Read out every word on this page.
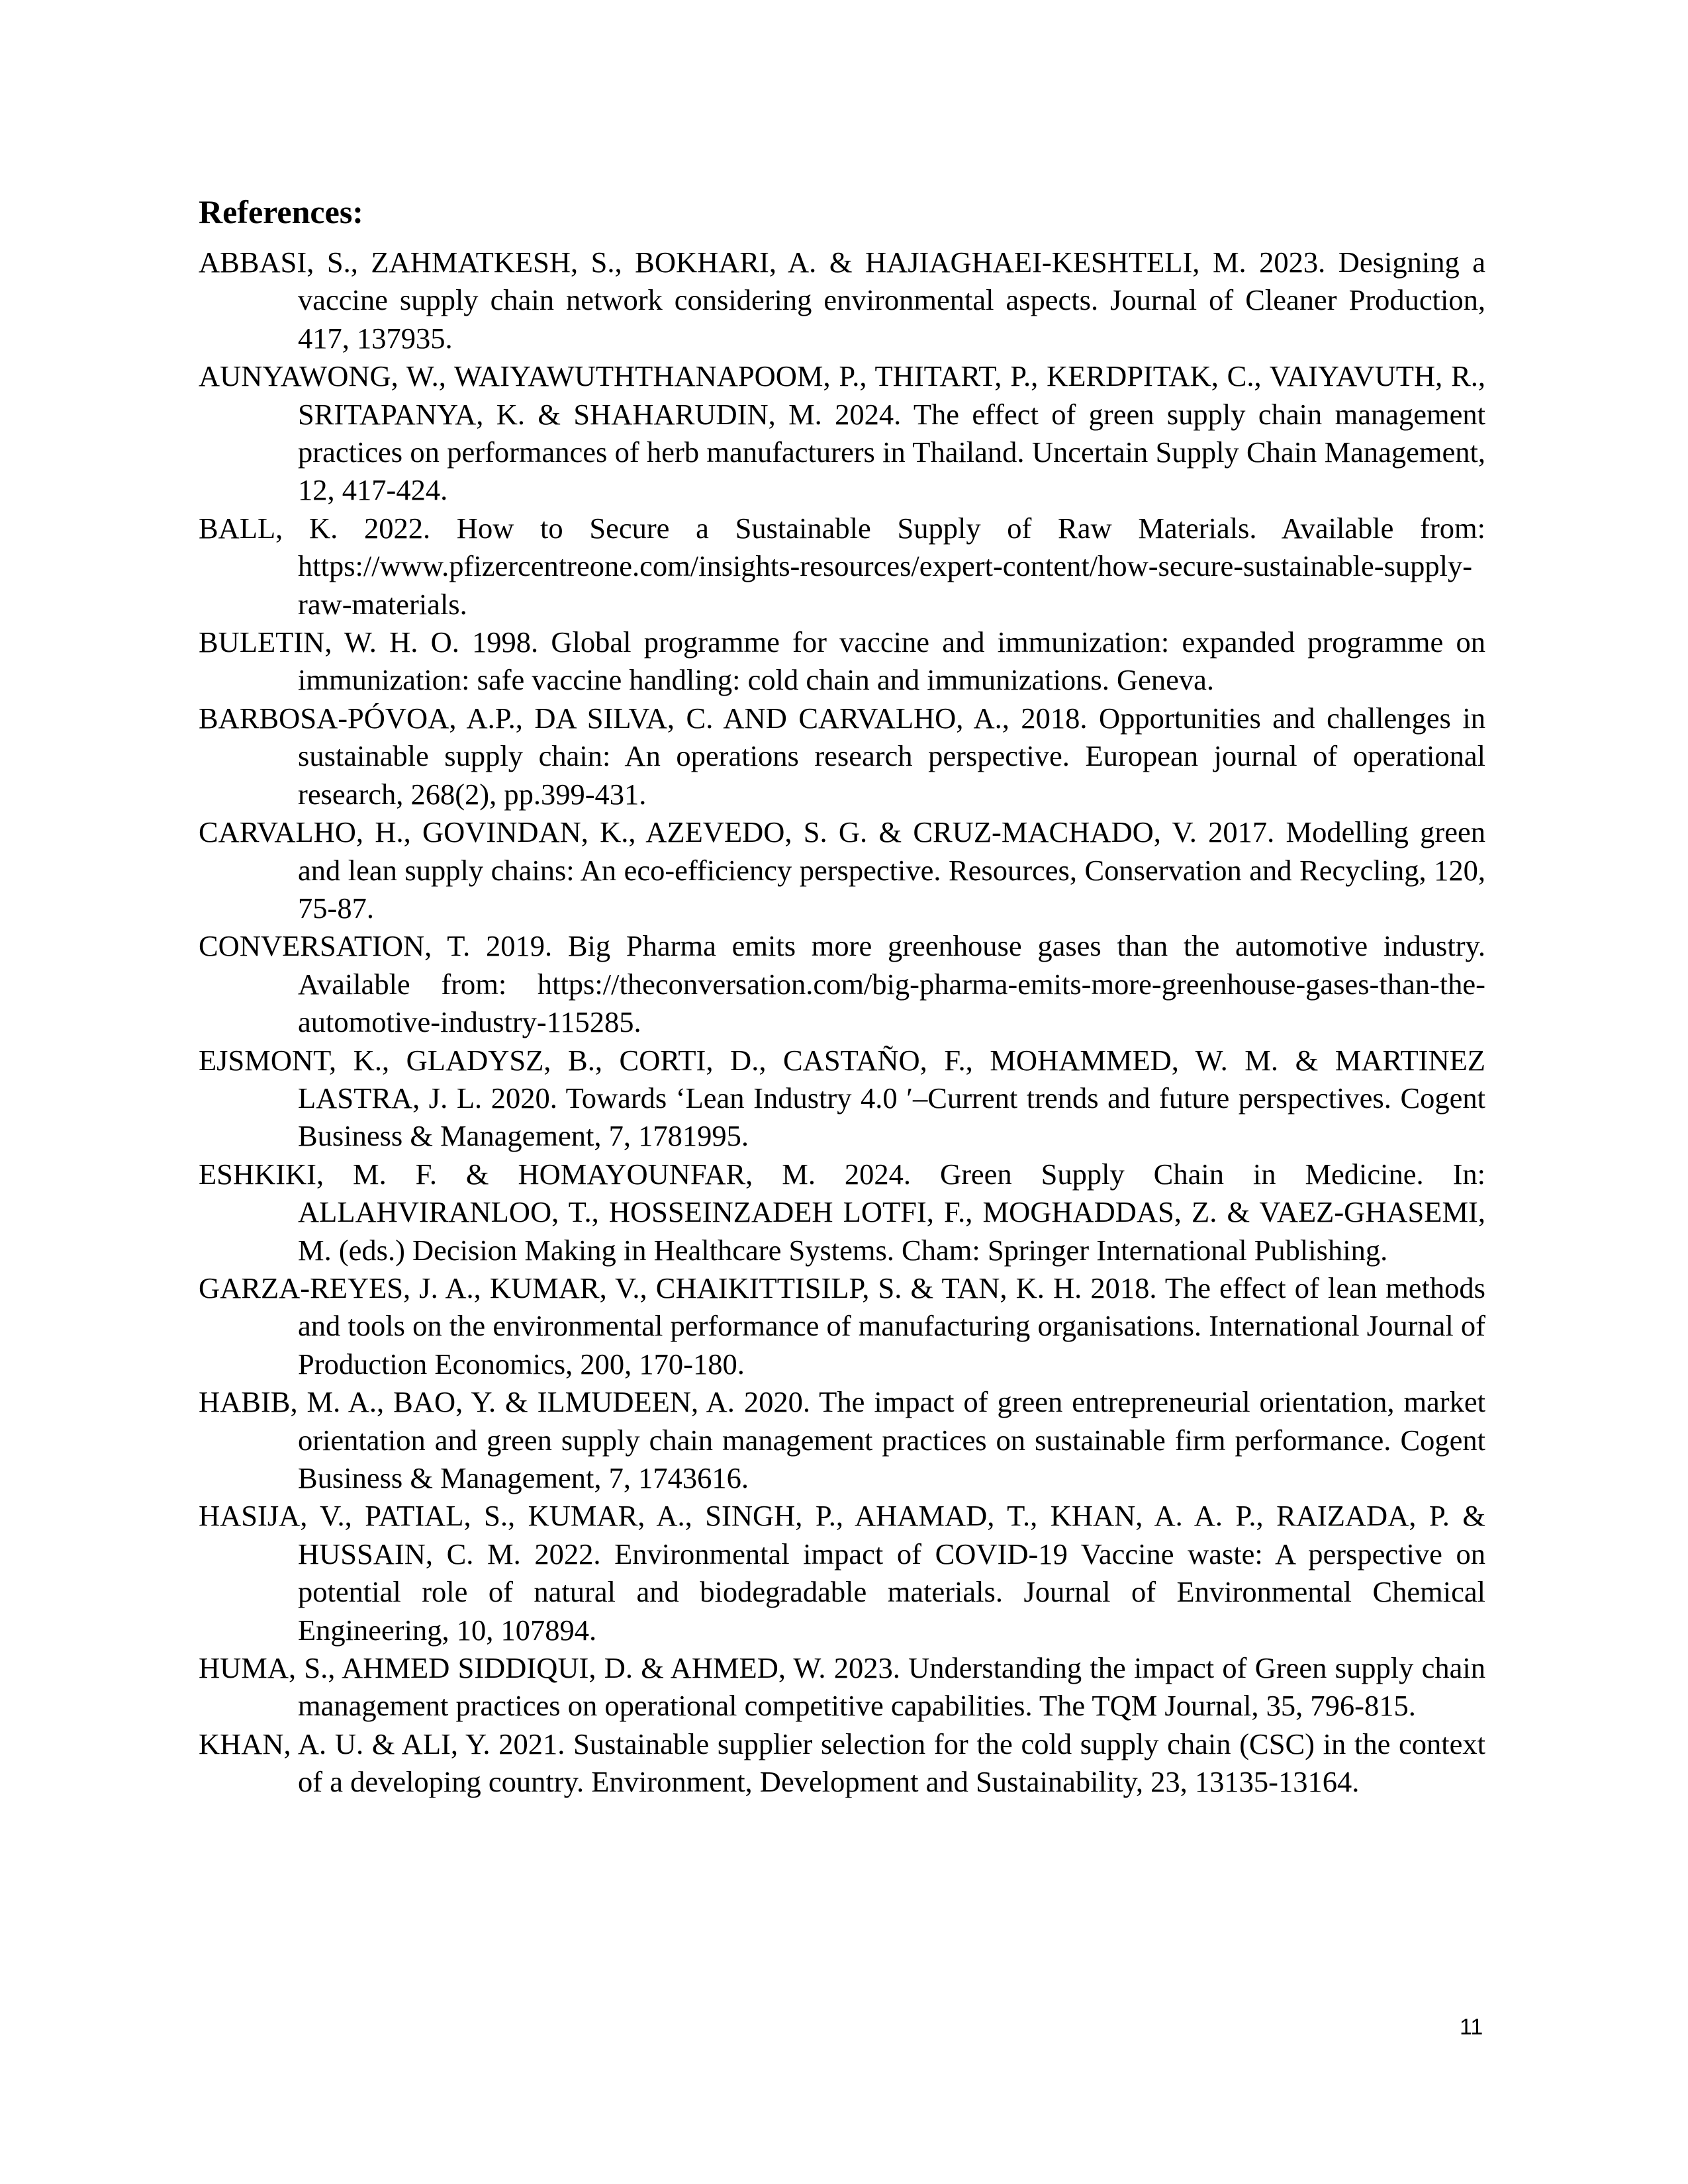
References:
ABBASI, S., ZAHMATKESH, S., BOKHARI, A. & HAJIAGHAEI-KESHTELI, M. 2023. Designing a vaccine supply chain network considering environmental aspects. Journal of Cleaner Production, 417, 137935.
AUNYAWONG, W., WAIYAWUTHTHANAPOOM, P., THITART, P., KERDPITAK, C., VAIYAVUTH, R., SRITAPANYA, K. & SHAHARUDIN, M. 2024. The effect of green supply chain management practices on performances of herb manufacturers in Thailand. Uncertain Supply Chain Management, 12, 417-424.
BALL, K. 2022. How to Secure a Sustainable Supply of Raw Materials. Available from: https://www.pfizercentreone.com/insights-resources/expert-content/how-secure-sustainable-supply-raw-materials.
BULETIN, W. H. O. 1998. Global programme for vaccine and immunization: expanded programme on immunization: safe vaccine handling: cold chain and immunizations. Geneva.
BARBOSA-PÓVOA, A.P., DA SILVA, C. AND CARVALHO, A., 2018. Opportunities and challenges in sustainable supply chain: An operations research perspective. European journal of operational research, 268(2), pp.399-431.
CARVALHO, H., GOVINDAN, K., AZEVEDO, S. G. & CRUZ-MACHADO, V. 2017. Modelling green and lean supply chains: An eco-efficiency perspective. Resources, Conservation and Recycling, 120, 75-87.
CONVERSATION, T. 2019. Big Pharma emits more greenhouse gases than the automotive industry. Available from: https://theconversation.com/big-pharma-emits-more-greenhouse-gases-than-the-automotive-industry-115285.
EJSMONT, K., GLADYSZ, B., CORTI, D., CASTAÑO, F., MOHAMMED, W. M. & MARTINEZ LASTRA, J. L. 2020. Towards ‘Lean Industry 4.0 ′–Current trends and future perspectives. Cogent Business & Management, 7, 1781995.
ESHKIKI, M. F. & HOMAYOUNFAR, M. 2024. Green Supply Chain in Medicine. In: ALLAHVIRANLOO, T., HOSSEINZADEH LOTFI, F., MOGHADDAS, Z. & VAEZ-GHASEMI, M. (eds.) Decision Making in Healthcare Systems. Cham: Springer International Publishing.
GARZA-REYES, J. A., KUMAR, V., CHAIKITTISILP, S. & TAN, K. H. 2018. The effect of lean methods and tools on the environmental performance of manufacturing organisations. International Journal of Production Economics, 200, 170-180.
HABIB, M. A., BAO, Y. & ILMUDEEN, A. 2020. The impact of green entrepreneurial orientation, market orientation and green supply chain management practices on sustainable firm performance. Cogent Business & Management, 7, 1743616.
HASIJA, V., PATIAL, S., KUMAR, A., SINGH, P., AHAMAD, T., KHAN, A. A. P., RAIZADA, P. & HUSSAIN, C. M. 2022. Environmental impact of COVID-19 Vaccine waste: A perspective on potential role of natural and biodegradable materials. Journal of Environmental Chemical Engineering, 10, 107894.
HUMA, S., AHMED SIDDIQUI, D. & AHMED, W. 2023. Understanding the impact of Green supply chain management practices on operational competitive capabilities. The TQM Journal, 35, 796-815.
KHAN, A. U. & ALI, Y. 2021. Sustainable supplier selection for the cold supply chain (CSC) in the context of a developing country. Environment, Development and Sustainability, 23, 13135-13164.
11
